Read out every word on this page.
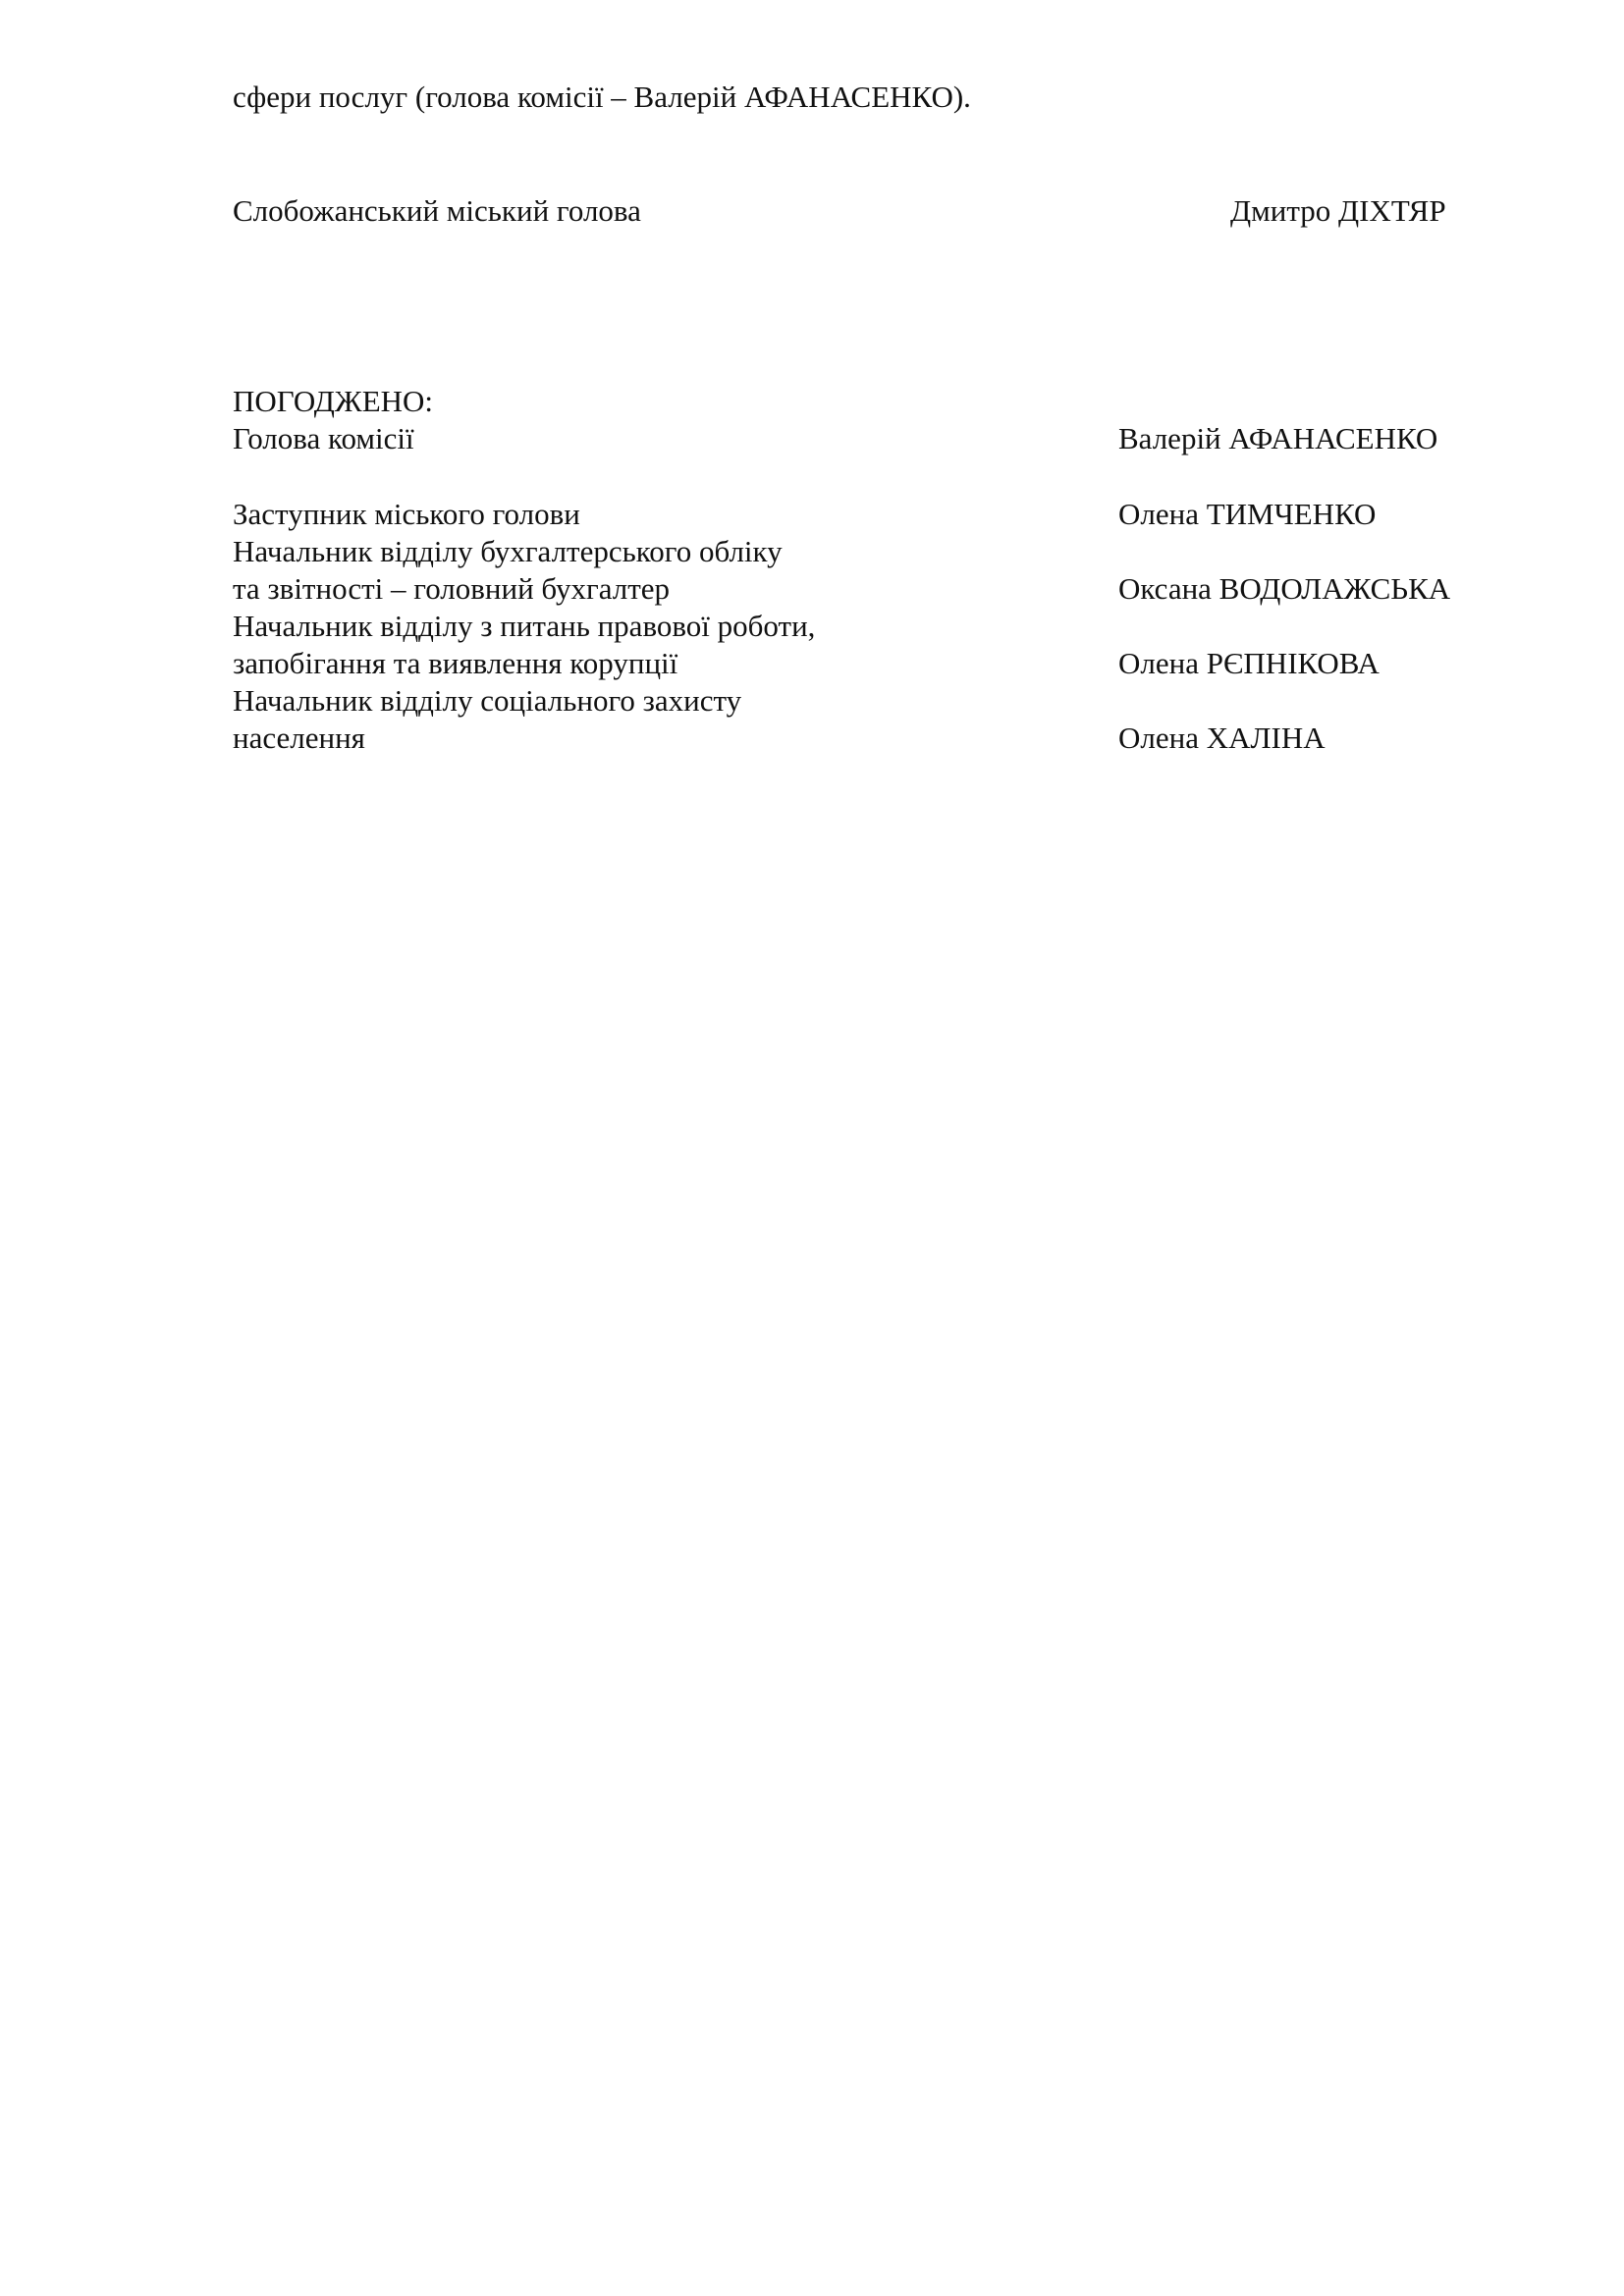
сфери послуг (голова комісії – Валерій АФАНАСЕНКО).
Слобожанський міський голова	Дмитро ДІХТЯР
ПОГОДЖЕНО:
Голова комісії	Валерій АФАНАСЕНКО
Заступник міського голови	Олена ТИМЧЕНКО
Начальник відділу бухгалтерського обліку
та звітності – головний бухгалтер	Оксана ВОДОЛАЖСЬКА
Начальник відділу з питань правової роботи,
запобігання та виявлення корупції	Олена РЄПНІКОВА
Начальник відділу соціального захисту
населення	Олена ХАЛІНА
